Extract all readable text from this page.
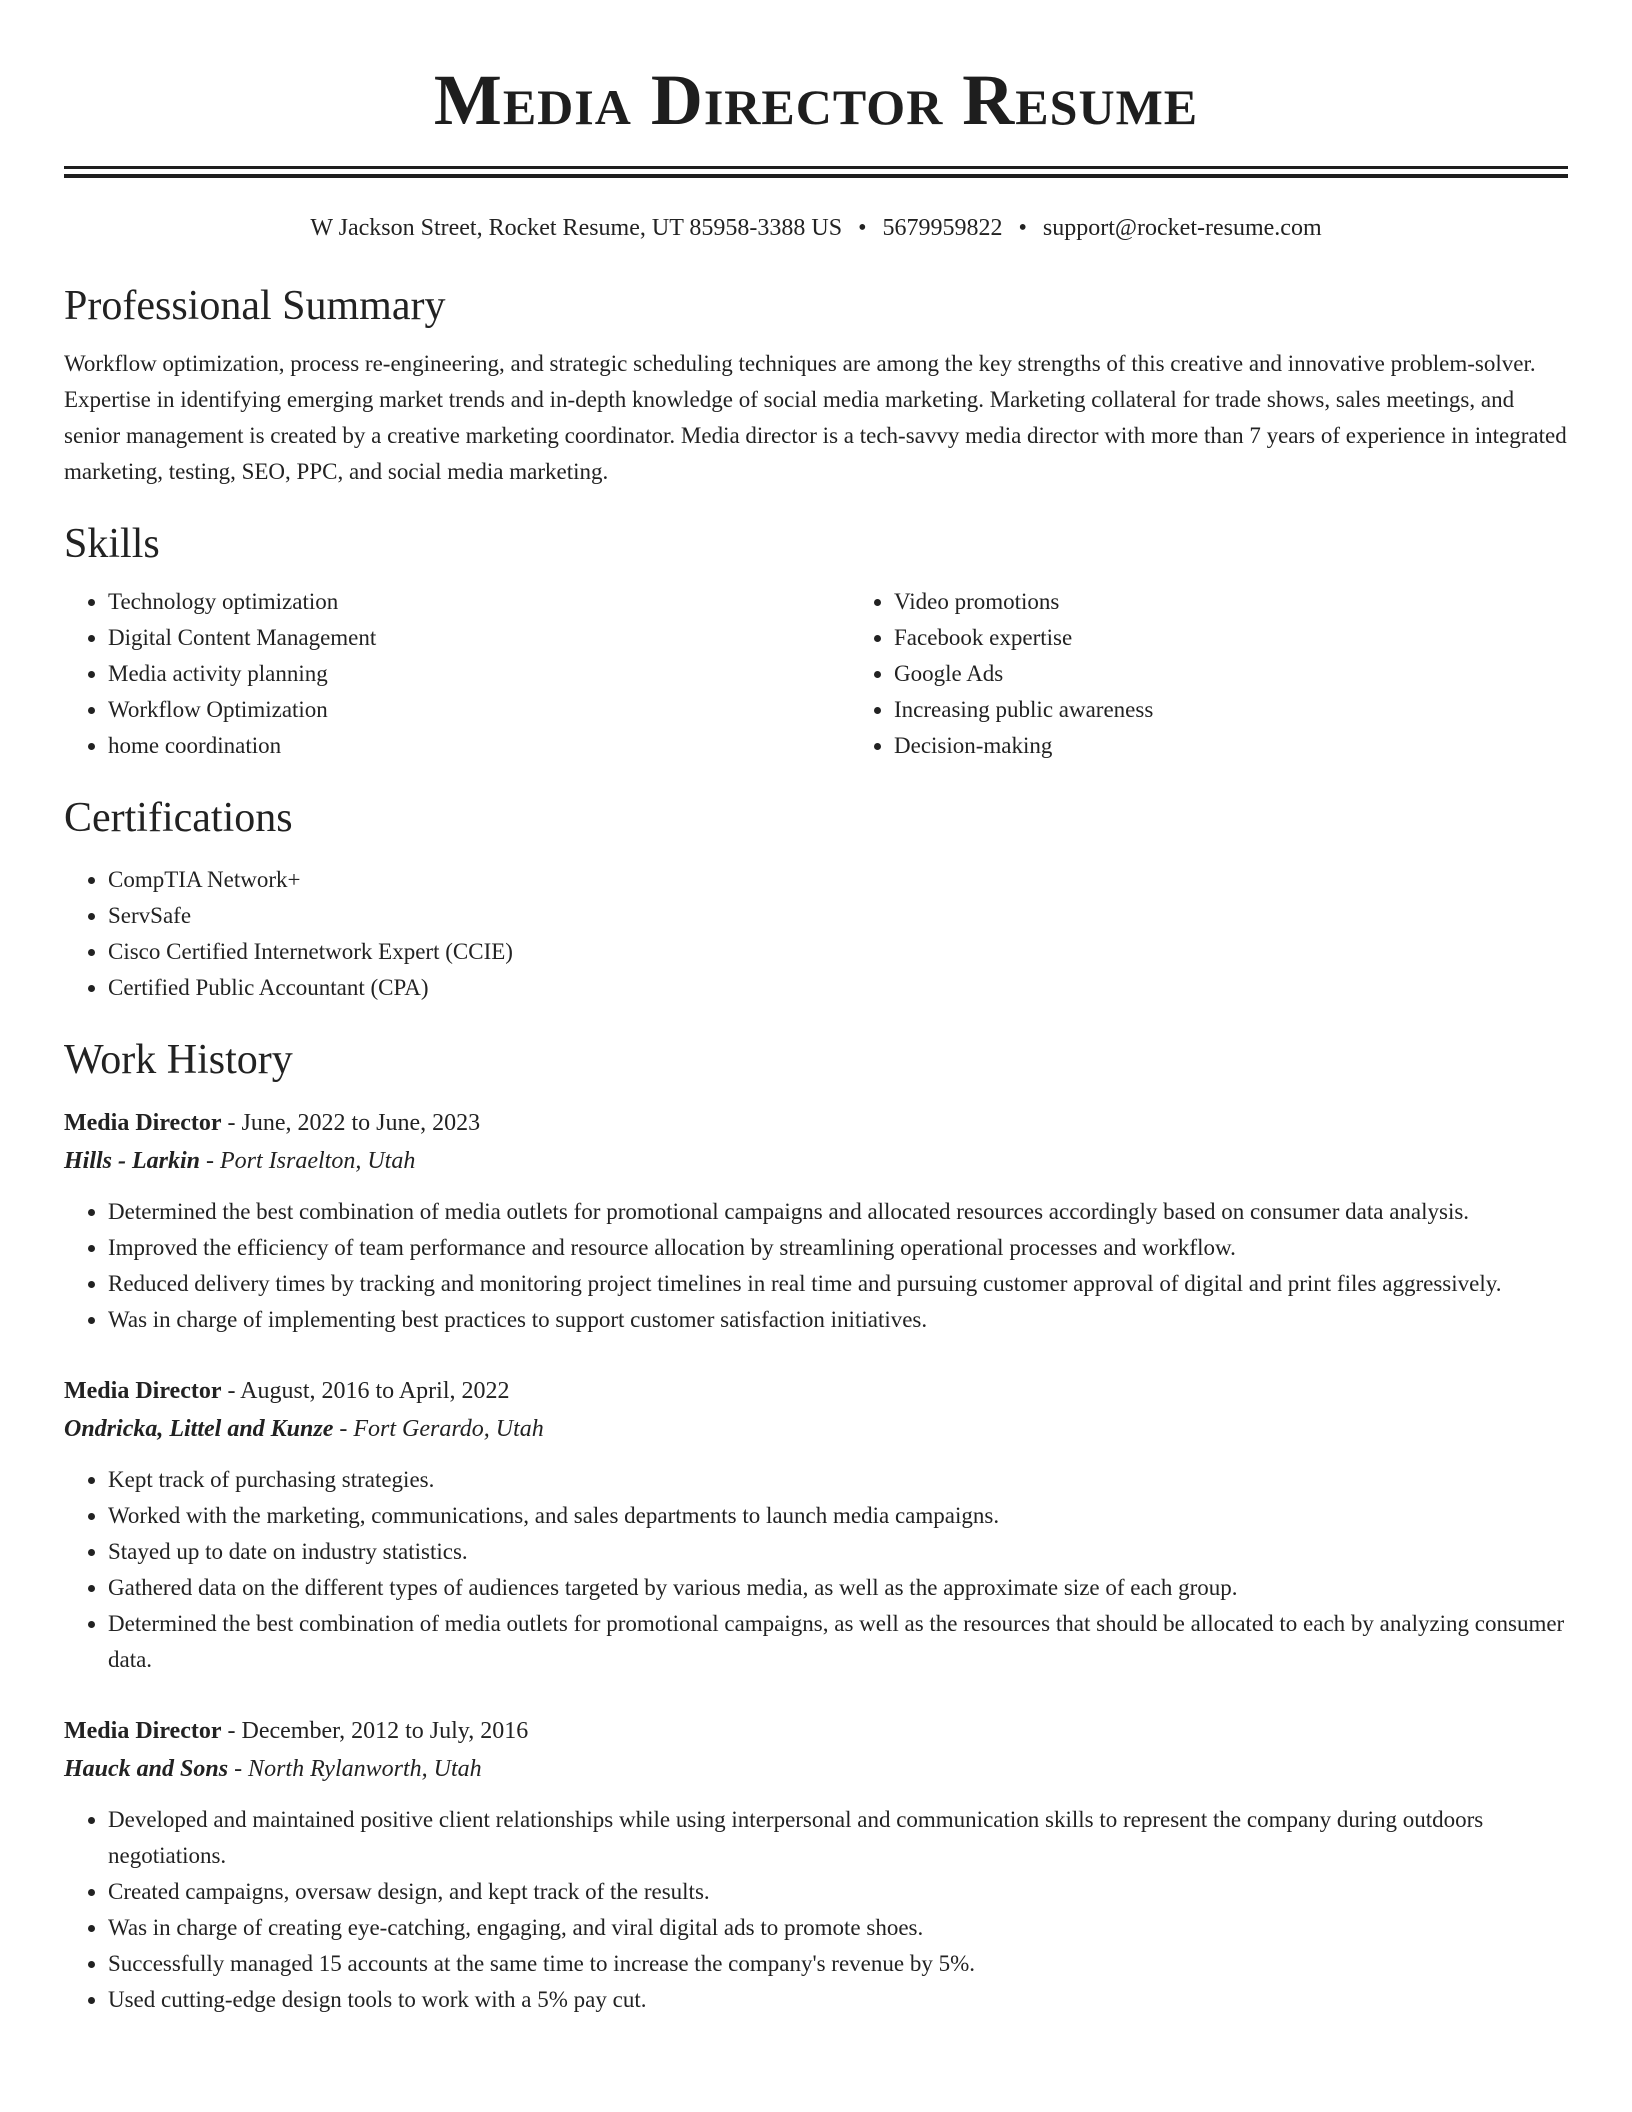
Media Director Resume
W Jackson Street, Rocket Resume, UT 85958-3388 US • 5679959822 • support@rocket-resume.com
Professional Summary

Workflow optimization, process re-engineering, and strategic scheduling techniques are among the key strengths of this creative and innovative problem-solver. Expertise in identifying emerging market trends and in-depth knowledge of social media marketing. Marketing collateral for trade shows, sales meetings, and senior management is created by a creative marketing coordinator. Media director is a tech-savvy media director with more than 7 years of experience in integrated marketing, testing, SEO, PPC, and social media marketing.

Skills
• Technology optimization
• Digital Content Management
• Media activity planning
• Workflow Optimization
• home coordination
• Video promotions
• Facebook expertise
• Google Ads
• Increasing public awareness
• Decision-making
Certifications
• CompTIA Network+
• ServSafe
• Cisco Certified Internetwork Expert (CCIE)
• Certified Public Accountant (CPA)
Work History
Media Director - June, 2022 to June, 2023
Hills - Larkin - Port Israelton, Utah
• Determined the best combination of media outlets for promotional campaigns and allocated resources accordingly based on consumer data analysis.
• Improved the efficiency of team performance and resource allocation by streamlining operational processes and workflow.
• Reduced delivery times by tracking and monitoring project timelines in real time and pursuing customer approval of digital and print files aggressively.
• Was in charge of implementing best practices to support customer satisfaction initiatives.
Media Director - August, 2016 to April, 2022
Ondricka, Littel and Kunze - Fort Gerardo, Utah
• Kept track of purchasing strategies.
• Worked with the marketing, communications, and sales departments to launch media campaigns.
• Stayed up to date on industry statistics.
• Gathered data on the different types of audiences targeted by various media, as well as the approximate size of each group.
• Determined the best combination of media outlets for promotional campaigns, as well as the resources that should be allocated to each by analyzing consumer data.
Media Director - December, 2012 to July, 2016
Hauck and Sons - North Rylanworth, Utah
• Developed and maintained positive client relationships while using interpersonal and communication skills to represent the company during outdoors negotiations.
• Created campaigns, oversaw design, and kept track of the results.
• Was in charge of creating eye-catching, engaging, and viral digital ads to promote shoes.
• Successfully managed 15 accounts at the same time to increase the company's revenue by 5%.
• Used cutting-edge design tools to work with a 5% pay cut.
